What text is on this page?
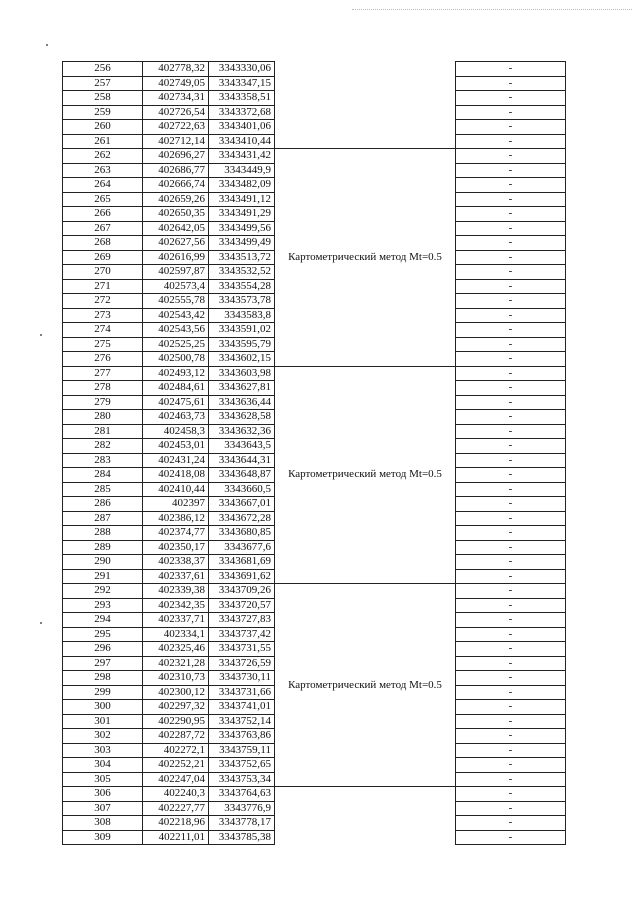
256	402778,32	3343330,06		-
257	402749,05	3343347,15		-
258	402734,31	3343358,51		-
259	402726,54	3343372,68		-
260	402722,63	3343401,06		-
261	402712,14	3343410,44		-
262	402696,27	3343431,42	Картометрический метод Mt=0.5	-
263	402686,77	3343449,9		-
264	402666,74	3343482,09		-
265	402659,26	3343491,12		-
266	402650,35	3343491,29		-
267	402642,05	3343499,56		-
268	402627,56	3343499,49		-
269	402616,99	3343513,72		-
270	402597,87	3343532,52		-
271	402573,4	3343554,28		-
272	402555,78	3343573,78		-
273	402543,42	3343583,8		-
274	402543,56	3343591,02		-
275	402525,25	3343595,79		-
276	402500,78	3343602,15		-
277	402493,12	3343603,98	Картометрический метод Mt=0.5	-
278	402484,61	3343627,81		-
279	402475,61	3343636,44		-
280	402463,73	3343628,58		-
281	402458,3	3343632,36		-
282	402453,01	3343643,5		-
283	402431,24	3343644,31		-
284	402418,08	3343648,87		-
285	402410,44	3343660,5		-
286	402397	3343667,01		-
287	402386,12	3343672,28		-
288	402374,77	3343680,85		-
289	402350,17	3343677,6		-
290	402338,37	3343681,69		-
291	402337,61	3343691,62		-
292	402339,38	3343709,26	Картометрический метод Mt=0.5	-
293	402342,35	3343720,57		-
294	402337,71	3343727,83		-
295	402334,1	3343737,42		-
296	402325,46	3343731,55		-
297	402321,28	3343726,59		-
298	402310,73	3343730,11		-
299	402300,12	3343731,66		-
300	402297,32	3343741,01		-
301	402290,95	3343752,14		-
302	402287,72	3343763,86		-
303	402272,1	3343759,11		-
304	402252,21	3343752,65		-
305	402247,04	3343753,34		-
306	402240,3	3343764,63		-
307	402227,77	3343776,9		-
308	402218,96	3343778,17		-
309	402211,01	3343785,38		-
